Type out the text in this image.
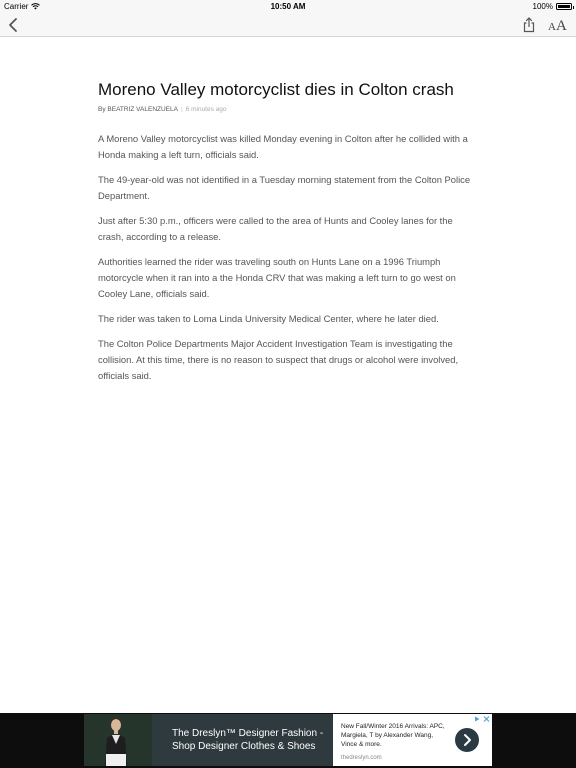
Carrier	10:50 AM	100%
AA
Moreno Valley motorcyclist dies in Colton crash
By BEATRIZ VALENZUELA | 6 minutes ago

A Moreno Valley motorcyclist was killed Monday evening in Colton after he collided with a Honda making a left turn, officials said.

The 49-year-old was not identified in a Tuesday morning statement from the Colton Police Department.

Just after 5:30 p.m., officers were called to the area of Hunts and Cooley lanes for the crash, according to a release.

Authorities learned the rider was traveling south on Hunts Lane on a 1996 Triumph motorcycle when it ran into a the Honda CRV that was making a left turn to go west on Cooley Lane, officials said.

The rider was taken to Loma Linda University Medical Center, where he later died.

The Colton Police Departments Major Accident Investigation Team is investigating the collision. At this time, there is no reason to suspect that drugs or alcohol were involved, officials said.

The Dreslyn™ Designer Fashion - Shop Designer Clothes & Shoes
New Fall/Winter 2016 Arrivals: APC, Margiela, T by Alexander Wang, Vince & more.
thedreslyn.com
